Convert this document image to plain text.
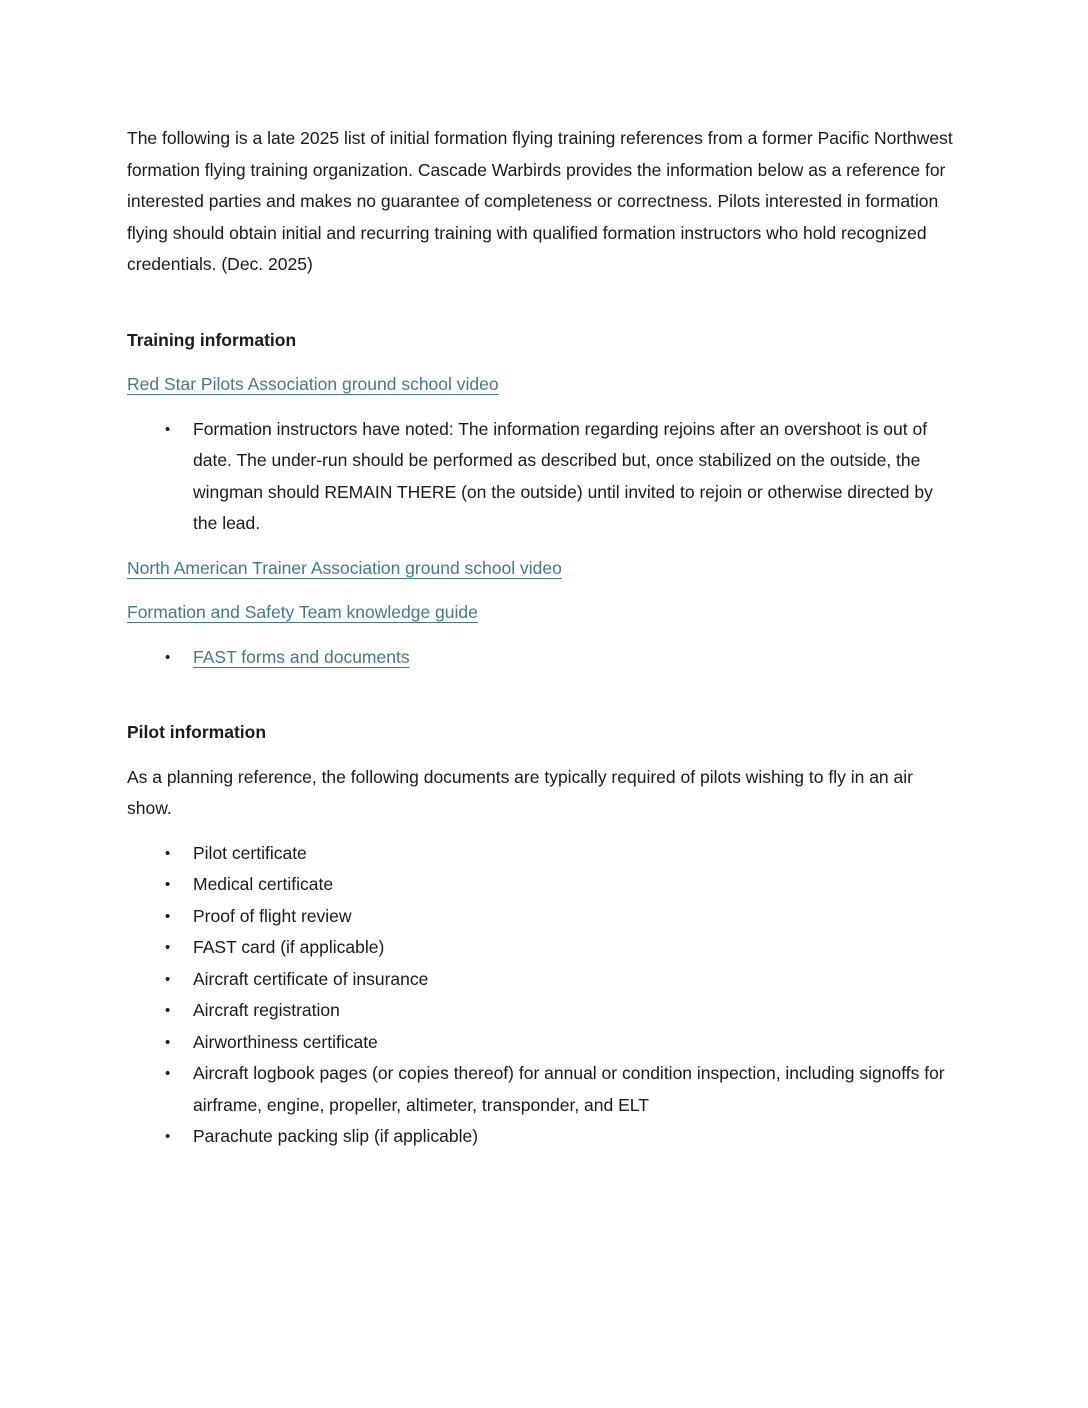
The following is a late 2025 list of initial formation flying training references from a former Pacific Northwest formation flying training organization. Cascade Warbirds provides the information below as a reference for interested parties and makes no guarantee of completeness or correctness. Pilots interested in formation flying should obtain initial and recurring training with qualified formation instructors who hold recognized credentials. (Dec. 2025)

Training information

Red Star Pilots Association ground school video

•	Formation instructors have noted: The information regarding rejoins after an overshoot is out of date. The under-run should be performed as described but, once stabilized on the outside, the wingman should REMAIN THERE (on the outside) until invited to rejoin or otherwise directed by the lead.

North American Trainer Association ground school video

Formation and Safety Team knowledge guide

•	FAST forms and documents
Pilot information

As a planning reference, the following documents are typically required of pilots wishing to fly in an air show.

•	Pilot certificate
•	Medical certificate
•	Proof of flight review
•	FAST card (if applicable)
•	Aircraft certificate of insurance
•	Aircraft registration
•	Airworthiness certificate
•	Aircraft logbook pages (or copies thereof) for annual or condition inspection, including signoffs for airframe, engine, propeller, altimeter, transponder, and ELT
•	Parachute packing slip (if applicable)
